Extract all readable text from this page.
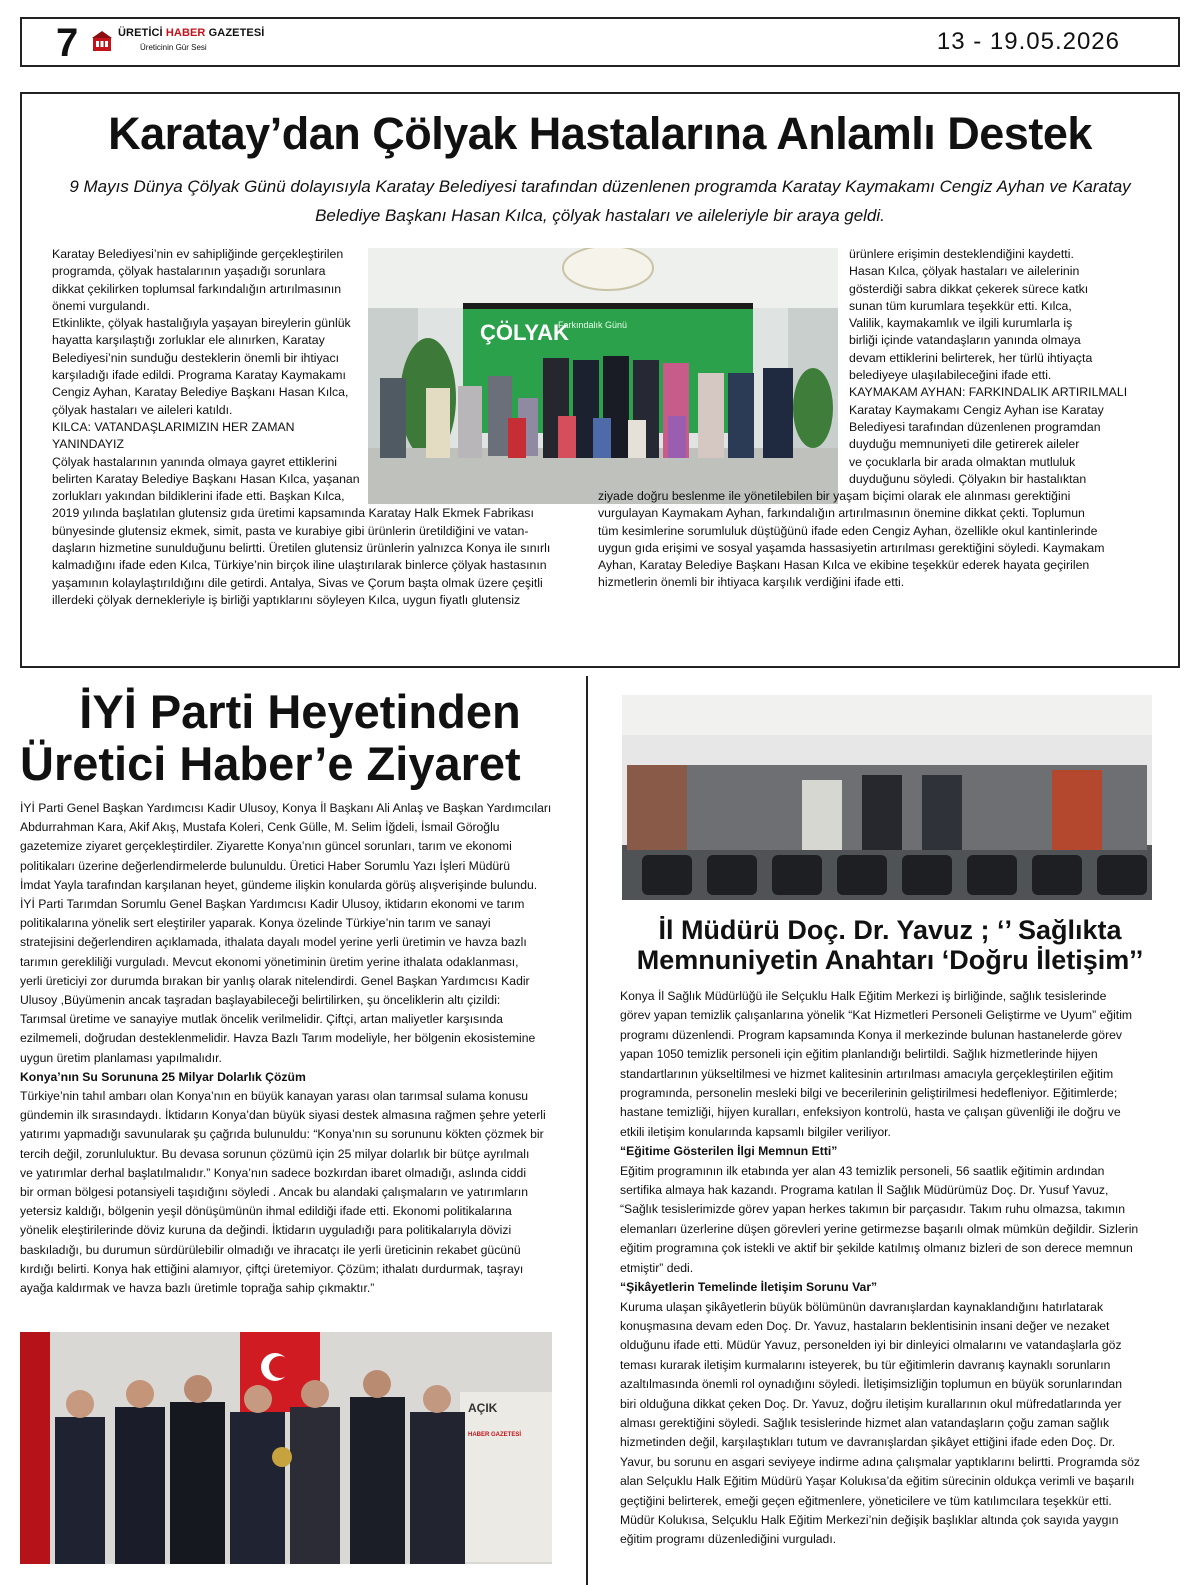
7	ÜRETİCİ HABER GAZETESİ
Üreticinin Gür Sesi	13 - 19.05.2026
Karatay’dan Çölyak Hastalarına Anlamlı Destek
9 Mayıs Dünya Çölyak Günü dolayısıyla Karatay Belediyesi tarafından düzenlenen programda Karatay Kaymakamı Cengiz Ayhan ve Karatay
Belediye Başkanı Hasan Kılca, çölyak hastaları ve aileleriyle bir araya geldi.

Karatay Belediyesi’nin ev sahipliğinde gerçekleştirilen

programda, çölyak hastalarının yaşadığı sorunlara

dikkat çekilirken toplumsal farkındalığın artırılmasının

önemi vurgulandı.

Etkinlikte, çölyak hastalığıyla yaşayan bireylerin günlük

hayatta karşılaştığı zorluklar ele alınırken, Karatay

Belediyesi’nin sunduğu desteklerin önemli bir ihtiyacı

karşıladığı ifade edildi. Programa Karatay Kaymakamı

Cengiz Ayhan, Karatay Belediye Başkanı Hasan Kılca,

çölyak hastaları ve aileleri katıldı.

KILCA: VATANDAŞLARIMIZIN HER ZAMAN YANINDAYIZ

Çölyak hastalarının yanında olmaya gayret ettiklerini

belirten Karatay Belediye Başkanı Hasan Kılca, yaşanan

zorlukları yakından bildiklerini ifade etti. Başkan Kılca,

2019 yılında başlatılan glutensiz gıda üretimi kapsamında Karatay Halk Ekmek Fabrikası

bünyesinde glutensiz ekmek, simit, pasta ve kurabiye gibi ürünlerin üretildiğini ve vatan-

daşların hizmetine sunulduğunu belirtti. Üretilen glutensiz ürünlerin yalnızca Konya ile sınırlı

kalmadığını ifade eden Kılca, Türkiye’nin birçok iline ulaştırılarak binlerce çölyak hastasının

yaşamının kolaylaştırıldığını dile getirdi. Antalya, Sivas ve Çorum başta olmak üzere çeşitli

illerdeki çölyak dernekleriyle iş birliği yaptıklarını söyleyen Kılca, uygun fiyatlı glutensiz

ÇÖLYAK
Farkındalık Günü

ürünlere erişimin desteklendiğini kaydetti.

Hasan Kılca, çölyak hastaları ve ailelerinin

gösterdiği sabra dikkat çekerek sürece katkı

sunan tüm kurumlara teşekkür etti. Kılca,

Valilik, kaymakamlık ve ilgili kurumlarla iş

birliği içinde vatandaşların yanında olmaya

devam ettiklerini belirterek, her türlü ihtiyaçta

belediyeye ulaşılabileceğini ifade etti.

KAYMAKAM AYHAN: FARKINDALIK ARTIRILMALI

Karatay Kaymakamı Cengiz Ayhan ise Karatay

Belediyesi tarafından düzenlenen programdan

duyduğu memnuniyeti dile getirerek aileler

ve çocuklarla bir arada olmaktan mutluluk

duyduğunu söyledi. Çölyakın bir hastalıktan

ziyade doğru beslenme ile yönetilebilen bir yaşam biçimi olarak ele alınması gerektiğini

vurgulayan Kaymakam Ayhan, farkındalığın artırılmasının önemine dikkat çekti. Toplumun

tüm kesimlerine sorumluluk düştüğünü ifade eden Cengiz Ayhan, özellikle okul kantinlerinde

uygun gıda erişimi ve sosyal yaşamda hassasiyetin artırılması gerektiğini söyledi. Kaymakam

Ayhan, Karatay Belediye Başkanı Hasan Kılca ve ekibine teşekkür ederek hayata geçirilen

hizmetlerin önemli bir ihtiyaca karşılık verdiğini ifade etti.

İYİ Parti Heyetinden
Üretici Haber’e Ziyaret

İYİ Parti Genel Başkan Yardımcısı Kadir Ulusoy, Konya İl Başkanı Ali Anlaş ve Başkan Yardımcıları

Abdurrahman Kara, Akif Akış, Mustafa Koleri, Cenk Gülle, M. Selim İğdeli, İsmail Göroğlu

gazetemize ziyaret gerçekleştirdiler. Ziyarette Konya’nın güncel sorunları, tarım ve ekonomi

politikaları üzerine değerlendirmelerde bulunuldu. Üretici Haber Sorumlu Yazı İşleri Müdürü

İmdat Yayla tarafından karşılanan heyet, gündeme ilişkin konularda görüş alışverişinde bulundu.

İYİ Parti Tarımdan Sorumlu Genel Başkan Yardımcısı Kadir Ulusoy, iktidarın ekonomi ve tarım

politikalarına yönelik sert eleştiriler yaparak. Konya özelinde Türkiye’nin tarım ve sanayi

stratejisini değerlendiren açıklamada, ithalata dayalı model yerine yerli üretimin ve havza bazlı

tarımın gerekliliği vurguladı. Mevcut ekonomi yönetiminin üretim yerine ithalata odaklanması,

yerli üreticiyi zor durumda bırakan bir yanlış olarak nitelendirdi. Genel Başkan Yardımcısı Kadir

Ulusoy ,Büyümenin ancak taşradan başlayabileceği belirtilirken, şu önceliklerin altı çizildi:

Tarımsal üretime ve sanayiye mutlak öncelik verilmelidir. Çiftçi, artan maliyetler karşısında

ezilmemeli, doğrudan desteklenmelidir. Havza Bazlı Tarım modeliyle, her bölgenin ekosistemine

uygun üretim planlaması yapılmalıdır.

Konya’nın Su Sorununa 25 Milyar Dolarlık Çözüm

Türkiye’nin tahıl ambarı olan Konya’nın en büyük kanayan yarası olan tarımsal sulama konusu

gündemin ilk sırasındaydı. İktidarın Konya’dan büyük siyasi destek almasına rağmen şehre yeterli

yatırımı yapmadığı savunularak şu çağrıda bulunuldu: “Konya’nın su sorununu kökten çözmek bir

tercih değil, zorunluluktur. Bu devasa sorunun çözümü için 25 milyar dolarlık bir bütçe ayrılmalı

ve yatırımlar derhal başlatılmalıdır.” Konya’nın sadece bozkırdan ibaret olmadığı, aslında ciddi

bir orman bölgesi potansiyeli taşıdığını söyledi . Ancak bu alandaki çalışmaların ve yatırımların

yetersiz kaldığı, bölgenin yeşil dönüşümünün ihmal edildiği ifade etti. Ekonomi politikalarına

yönelik eleştirilerinde döviz kuruna da değindi. İktidarın uyguladığı para politikalarıyla dövizi

baskıladığı, bu durumun sürdürülebilir olmadığı ve ihracatçı ile yerli üreticinin rekabet gücünü

kırdığı belirti. Konya hak ettiğini alamıyor, çiftçi üretemiyor. Çözüm; ithalatı durdurmak, taşrayı

ayağa kaldırmak ve havza bazlı üretimle toprağa sahip çıkmaktır.”

AÇIK
HABER GAZETESİ
İl Müdürü Doç. Dr. Yavuz ; ‘’ Sağlıkta
Memnuniyetin Anahtarı ‘Doğru İletişim’’

Konya İl Sağlık Müdürlüğü ile Selçuklu Halk Eğitim Merkezi iş birliğinde, sağlık tesislerinde

görev yapan temizlik çalışanlarına yönelik “Kat Hizmetleri Personeli Geliştirme ve Uyum” eğitim

programı düzenlendi. Program kapsamında Konya il merkezinde bulunan hastanelerde görev

yapan 1050 temizlik personeli için eğitim planlandığı belirtildi. Sağlık hizmetlerinde hijyen

standartlarının yükseltilmesi ve hizmet kalitesinin artırılması amacıyla gerçekleştirilen eğitim

programında, personelin mesleki bilgi ve becerilerinin geliştirilmesi hedefleniyor. Eğitimlerde;

hastane temizliği, hijyen kuralları, enfeksiyon kontrolü, hasta ve çalışan güvenliği ile doğru ve

etkili iletişim konularında kapsamlı bilgiler veriliyor.

“Eğitime Gösterilen İlgi Memnun Etti”

Eğitim programının ilk etabında yer alan 43 temizlik personeli, 56 saatlik eğitimin ardından

sertifika almaya hak kazandı. Programa katılan İl Sağlık Müdürümüz Doç. Dr. Yusuf Yavuz,

“Sağlık tesislerimizde görev yapan herkes takımın bir parçasıdır. Takım ruhu olmazsa, takımın

elemanları üzerlerine düşen görevleri yerine getirmezse başarılı olmak mümkün değildir. Sizlerin

eğitim programına çok istekli ve aktif bir şekilde katılmış olmanız bizleri de son derece memnun

etmiştir” dedi.

“Şikâyetlerin Temelinde İletişim Sorunu Var”

Kuruma ulaşan şikâyetlerin büyük bölümünün davranışlardan kaynaklandığını hatırlatarak

konuşmasına devam eden Doç. Dr. Yavuz, hastaların beklentisinin insani değer ve nezaket

olduğunu ifade etti. Müdür Yavuz, personelden iyi bir dinleyici olmalarını ve vatandaşlarla göz

teması kurarak iletişim kurmalarını isteyerek, bu tür eğitimlerin davranış kaynaklı sorunların

azaltılmasında önemli rol oynadığını söyledi. İletişimsizliğin toplumun en büyük sorunlarından

biri olduğuna dikkat çeken Doç. Dr. Yavuz, doğru iletişim kurallarının okul müfredatlarında yer

alması gerektiğini söyledi. Sağlık tesislerinde hizmet alan vatandaşların çoğu zaman sağlık

hizmetinden değil, karşılaştıkları tutum ve davranışlardan şikâyet ettiğini ifade eden Doç. Dr.

Yavur, bu sorunu en asgari seviyeye indirme adına çalışmalar yaptıklarını belirtti. Programda söz

alan Selçuklu Halk Eğitim Müdürü Yaşar Kolukısa’da eğitim sürecinin oldukça verimli ve başarılı

geçtiğini belirterek, emeği geçen eğitmenlere, yöneticilere ve tüm katılımcılara teşekkür etti.

Müdür Kolukısa, Selçuklu Halk Eğitim Merkezi’nin değişik başlıklar altında çok sayıda yaygın

eğitim programı düzenlediğini vurguladı.
